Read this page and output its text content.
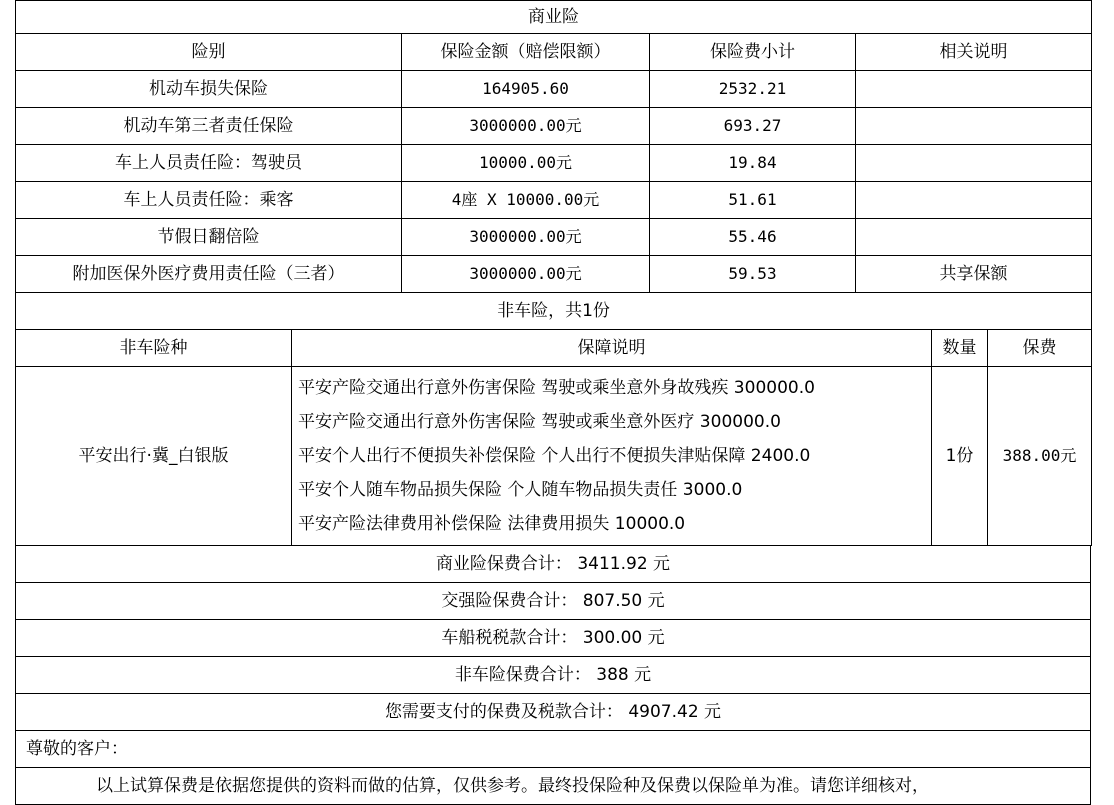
商业险			
险别	保险金额（赔偿限额）	保险费小计	相关说明
机动车损失保险	164905.60	2532.21	
机动车第三者责任保险	3000000.00元	693.27	
车上人员责任险：驾驶员	10000.00元	19.84	
车上人员责任险：乘客	4座 X 10000.00元	51.61	
节假日翻倍险	3000000.00元	55.46	
附加医保外医疗费用责任险（三者）	3000000.00元	59.53	共享保额
非车险，共1份			
非车险种	保障说明	数量	保费
平安出行·冀_白银版	平安产险交通出行意外伤害保险 驾驶或乘坐意外身故残疾 300000.0
平安产险交通出行意外伤害保险 驾驶或乘坐意外医疗 300000.0
平安个人出行不便损失补偿保险 个人出行不便损失津贴保障 2400.0
平安个人随车物品损失保险 个人随车物品损失责任 3000.0
平安产险法律费用补偿保险 法律费用损失 10000.0	1份	388.00元
商业险保费合计： 3411.92 元
交强险保费合计： 807.50 元
车船税税款合计： 300.00 元
非车险保费合计： 388 元
您需要支付的保费及税款合计： 4907.42 元
尊敬的客户：
以上试算保费是依据您提供的资料而做的估算，仅供参考。最终投保险种及保费以保险单为准。请您详细核对，
